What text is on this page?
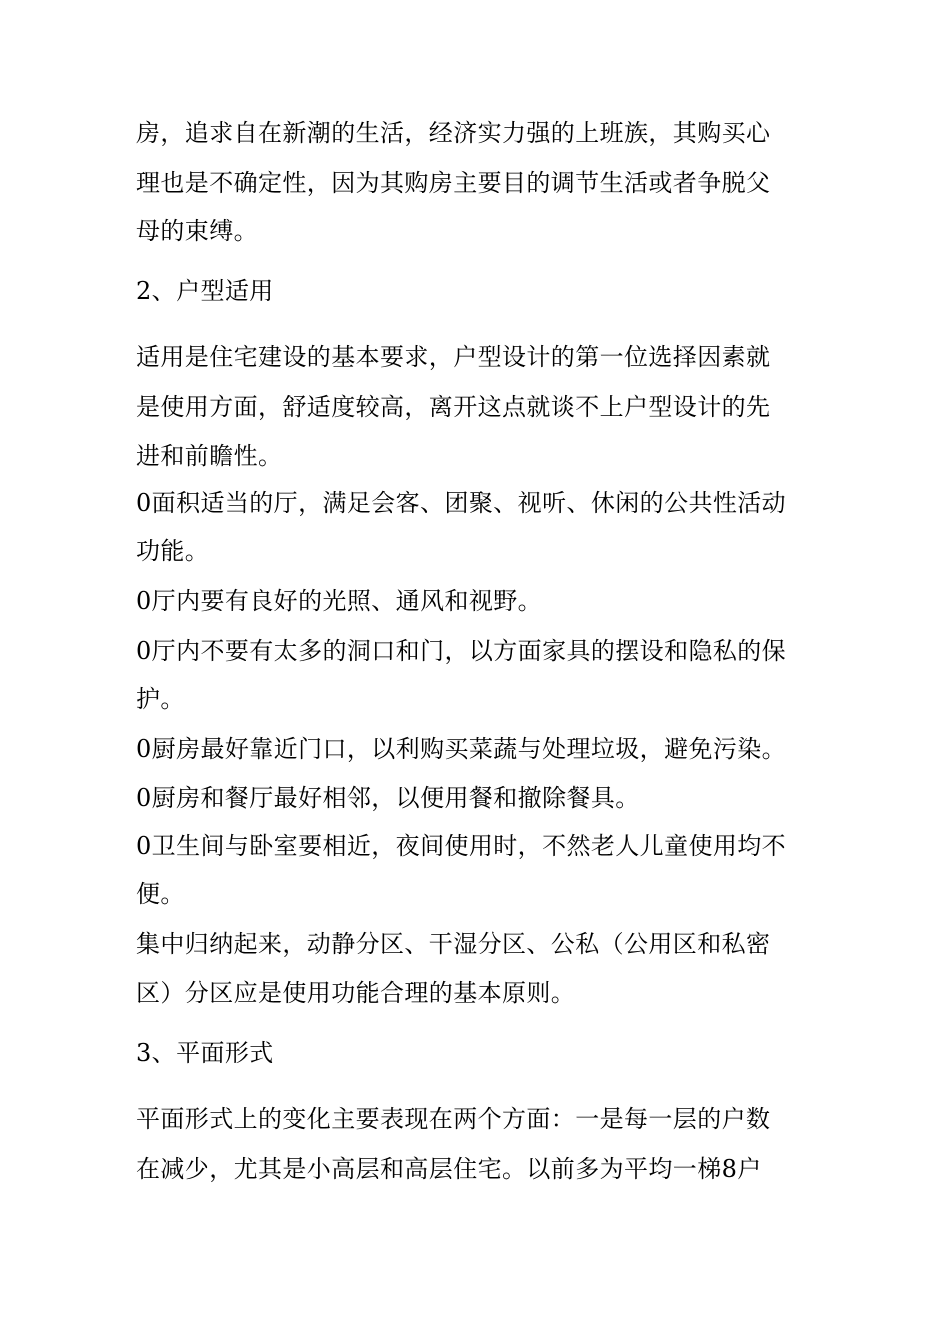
房，追求自在新潮的生活，经济实力强的上班族，其购买心

理也是不确定性，因为其购房主要目的调节生活或者争脱父

母的束缚。

2、户型适用

适用是住宅建设的基本要求，户型设计的第一位选择因素就

是使用方面，舒适度较高，离开这点就谈不上户型设计的先

进和前瞻性。

0面积适当的厅，满足会客、团聚、视听、休闲的公共性活动

功能。

0厅内要有良好的光照、通风和视野。

0厅内不要有太多的洞口和门，以方面家具的摆设和隐私的保

护。

0厨房最好靠近门口，以利购买菜蔬与处理垃圾，避免污染。

0厨房和餐厅最好相邻，以便用餐和撤除餐具。

0卫生间与卧室要相近，夜间使用时，不然老人儿童使用均不

便。

集中归纳起来，动静分区、干湿分区、公私（公用区和私密

区）分区应是使用功能合理的基本原则。

3、平面形式

平面形式上的变化主要表现在两个方面：一是每一层的户数

在减少，尤其是小高层和高层住宅。以前多为平均一梯8户
